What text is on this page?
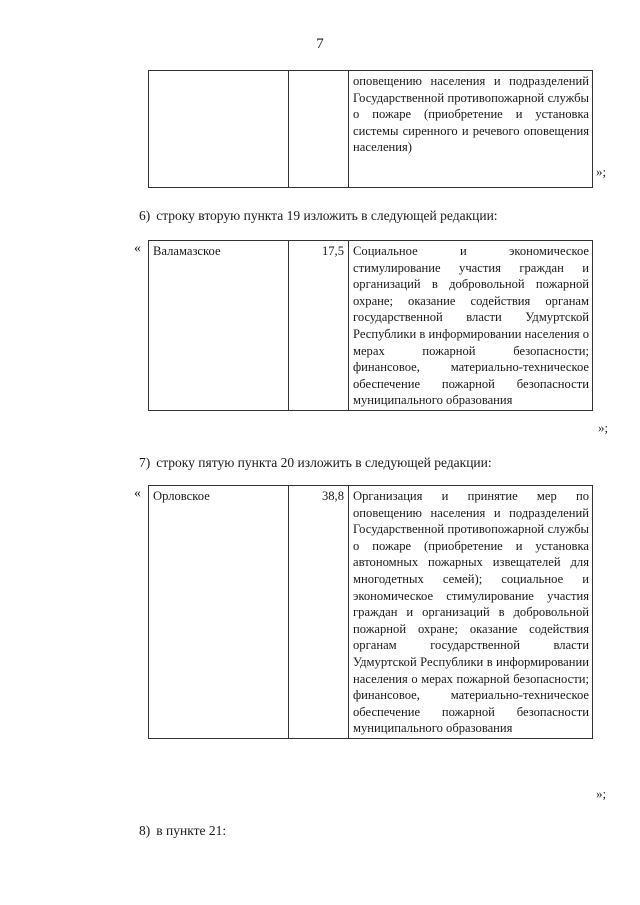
7
		оповещению населения и подразделений Государственной противопожарной службы о пожаре (приобретение и установка системы сиренного и речевого оповещения населения)
»;
6) строку вторую пункта 19 изложить в следующей редакции:
« Валамазское	17,5	Социальное и экономическое стимулирование участия граждан и организаций в добровольной пожарной охране; оказание содействия органам государственной власти Удмуртской Республики в информировании населения о мерах пожарной безопасности; финансовое, материально-техническое обеспечение пожарной безопасности муниципального образования
»;
7) строку пятую пункта 20 изложить в следующей редакции:
« Орловское	38,8	Организация и принятие мер по оповещению населения и подразделений Государственной противопожарной службы о пожаре (приобретение и установка автономных пожарных извещателей для многодетных семей); социальное и экономическое стимулирование участия граждан и организаций в добровольной пожарной охране; оказание содействия органам государственной власти Удмуртской Республики в информировании населения о мерах пожарной безопасности; финансовое, материально-техническое обеспечение пожарной безопасности муниципального образования
»;
8) в пункте 21:
